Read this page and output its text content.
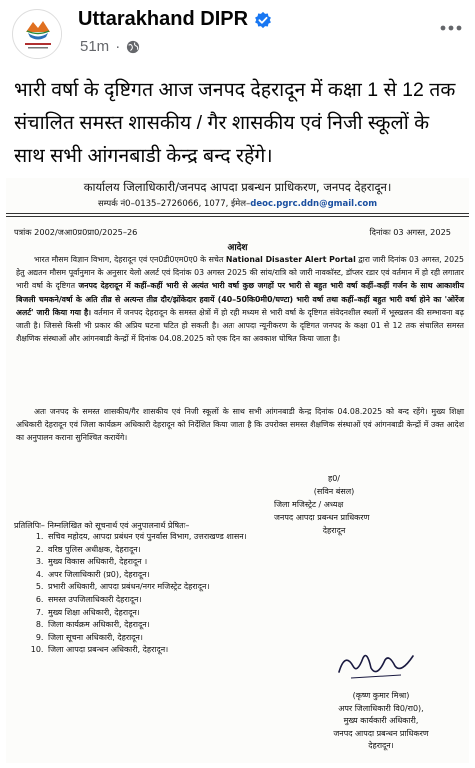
Uttarakhand DIPR
51m ·
भारी वर्षा के दृष्टिगत आज जनपद देहरादून में कक्षा 1 से 12 तक संचालित समस्त शासकीय / गैर शासकीय एवं निजी स्कूलों के साथ सभी आंगनबाडी केन्द्र बन्द रहेंगे।
कार्यालय जिलाधिकारी/जनपद आपदा प्रबन्धन प्राधिकरण, जनपद देहरादून।
सम्पर्क नं0–0135–2726066, 1077, ईमेल–deoc.pgrc.ddn@gmail.com
पत्रांक 2002/जआ0प्र0प्रा0/2025–26	दिनांकः 03 अगस्त, 2025
आदेश
भारत मौसम विज्ञान विभाग, देहरादून एवं एन0डी0एम0ए0 के सचेत National Disaster Alert Portal द्वारा जारी दिनांक 03 अगस्त, 2025 हेतु अद्यतन मौसम पूर्वानुमान के अनुसार येलो अलर्ट एवं दिनांक 03 अगस्त 2025 की सांय/रात्रि को जारी नावकॉस्ट, डॉप्लर रडार एवं वर्तमान में हो रही लगातार भारी वर्षा के दृष्टिगत जनपद देहरादून में कहीं–कहीं भारी से अत्यंत भारी वर्षा कुछ जगहों पर भारी से बहुत भारी वर्षा कहीं–कहीं गर्जन के साथ आकाशीय बिजली चमकने/वर्षा के अति तीव्र से अत्यन्त तीव्र दौर/झोंकेदार हवायें (40–50कि0मी0/घण्टा) भारी वर्षा तथा कहीं–कहीं बहुत भारी वर्षा होने का 'ओरेंज अलर्ट' जारी किया गया है। वर्तमान में जनपद देहरादून के समस्त क्षेत्रों में हो रही मध्यम से भारी वर्षा के दृष्टिगत संवेदनशील स्थलों में भूस्खलन की सम्भावना बढ़ जाती है। जिससे किसी भी प्रकार की अप्रिय घटना घटित हो सकती है। अतः आपदा न्यूनीकरण के दृष्टिगत जनपद के कक्षा 01 से 12 तक संचालित समस्त शैक्षणिक संस्थाओं और आंगनबाडी केन्द्रों में दिनांक 04.08.2025 को एक दिन का अवकाश घोषित किया जाता है।
अतः जनपद के समस्त शासकीय/गैर शासकीय एवं निजी स्कूलों के साथ सभी आंगनबाडी केन्द्र दिनांक 04.08.2025 को बन्द रहेंगे। मुख्य शिक्षा अधिकारी देहरादून एवं जिला कार्यक्रम अधिकारी देहरादून को निर्देशित किया जाता है कि उपरोक्त समस्त शैक्षणिक संस्थाओं एवं आंगनबाडी केन्द्रों में उक्त आदेश का अनुपालन कराना सुनिश्चित करायेंगे।
ह0/
(सविन बंसल)
जिला मजिस्ट्रेट / अध्यक्ष
जनपद आपदा प्रबन्धन प्राधिकरण
देहरादून
प्रतिलिपिः– निम्नलिखित को सूचनार्थ एवं अनुपालनार्थ प्रेषितः–
1. सचिव महोदय, आपदा प्रबंधन एवं पुनर्वास विभाग, उत्तराखण्ड शासन।
2. वरिष्ठ पुलिस अधीक्षक, देहरादून।
3. मुख्य विकास अधिकारी, देहरादून ।
4. अपर जिलाधिकारी (प्र0), देहरादून।
5. प्रभारी अधिकारी, आपदा प्रबंधन/नगर मजिस्ट्रेट देहरादून।
6. समस्त उपजिलाधिकारी देहरादून।
7. मुख्य शिक्षा अधिकारी, देहरादून।
8. जिला कार्यक्रम अधिकारी, देहरादून।
9. जिला सूचना अधिकारी, देहरादून।
10. जिला आपदा प्रबन्धन अधिकारी, देहरादून।
(कृष्ण कुमार मिश्रा)
अपर जिलाधिकारी वि0/रा0),
मुख्य कार्यकारी अधिकारी,
जनपद आपदा प्रबन्धन प्राधिकरण
देहरादून।
